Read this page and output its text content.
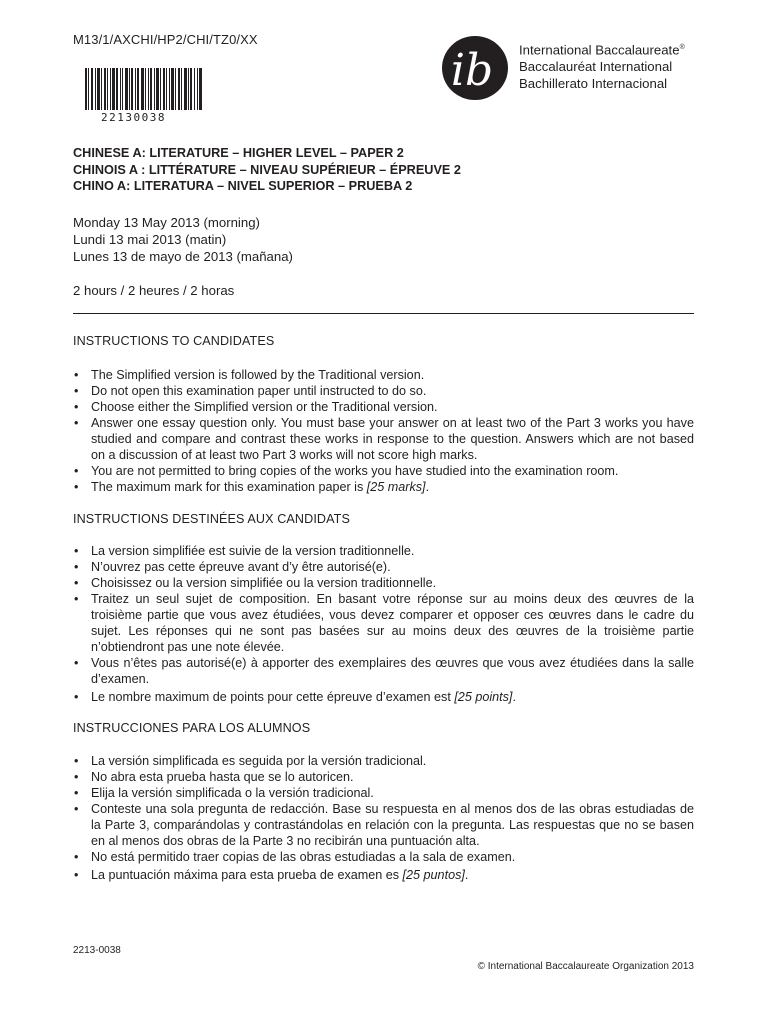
M13/1/AXCHI/HP2/CHI/TZ0/XX
22130038
ib International Baccalaureate®
Baccalauréat International
Bachillerato Internacional
CHINESE A: LITERATURE – HIGHER LEVEL – PAPER 2
CHINOIS A : LITTÉRATURE – NIVEAU SUPÉRIEUR – ÉPREUVE 2
CHINO A: LITERATURA – NIVEL SUPERIOR – PRUEBA 2
Monday 13 May 2013 (morning)
Lundi 13 mai 2013 (matin)
Lunes 13 de mayo de 2013 (mañana)
2 hours / 2 heures / 2 horas
INSTRUCTIONS TO CANDIDATES
• The Simplified version is followed by the Traditional version.
• Do not open this examination paper until instructed to do so.
• Choose either the Simplified version or the Traditional version.
• Answer one essay question only. You must base your answer on at least two of the Part 3 works you have studied and compare and contrast these works in response to the question. Answers which are not based on a discussion of at least two Part 3 works will not score high marks.
• You are not permitted to bring copies of the works you have studied into the examination room.
• The maximum mark for this examination paper is [25 marks].
INSTRUCTIONS DESTINÉES AUX CANDIDATS
• La version simplifiée est suivie de la version traditionnelle.
• N’ouvrez pas cette épreuve avant d’y être autorisé(e).
• Choisissez ou la version simplifiée ou la version traditionnelle.
• Traitez un seul sujet de composition. En basant votre réponse sur au moins deux des œuvres de la troisième partie que vous avez étudiées, vous devez comparer et opposer ces œuvres dans le cadre du sujet. Les réponses qui ne sont pas basées sur au moins deux des œuvres de la troisième partie n’obtiendront pas une note élevée.
• Vous n’êtes pas autorisé(e) à apporter des exemplaires des œuvres que vous avez étudiées dans la salle d’examen.
• Le nombre maximum de points pour cette épreuve d’examen est [25 points].
INSTRUCCIONES PARA LOS ALUMNOS
• La versión simplificada es seguida por la versión tradicional.
• No abra esta prueba hasta que se lo autoricen.
• Elija la versión simplificada o la versión tradicional.
• Conteste una sola pregunta de redacción. Base su respuesta en al menos dos de las obras estudiadas de la Parte 3, comparándolas y contrastándolas en relación con la pregunta. Las respuestas que no se basen en al menos dos obras de la Parte 3 no recibirán una puntuación alta.
• No está permitido traer copias de las obras estudiadas a la sala de examen.
• La puntuación máxima para esta prueba de examen es [25 puntos].
2213-0038
© International Baccalaureate Organization 2013
